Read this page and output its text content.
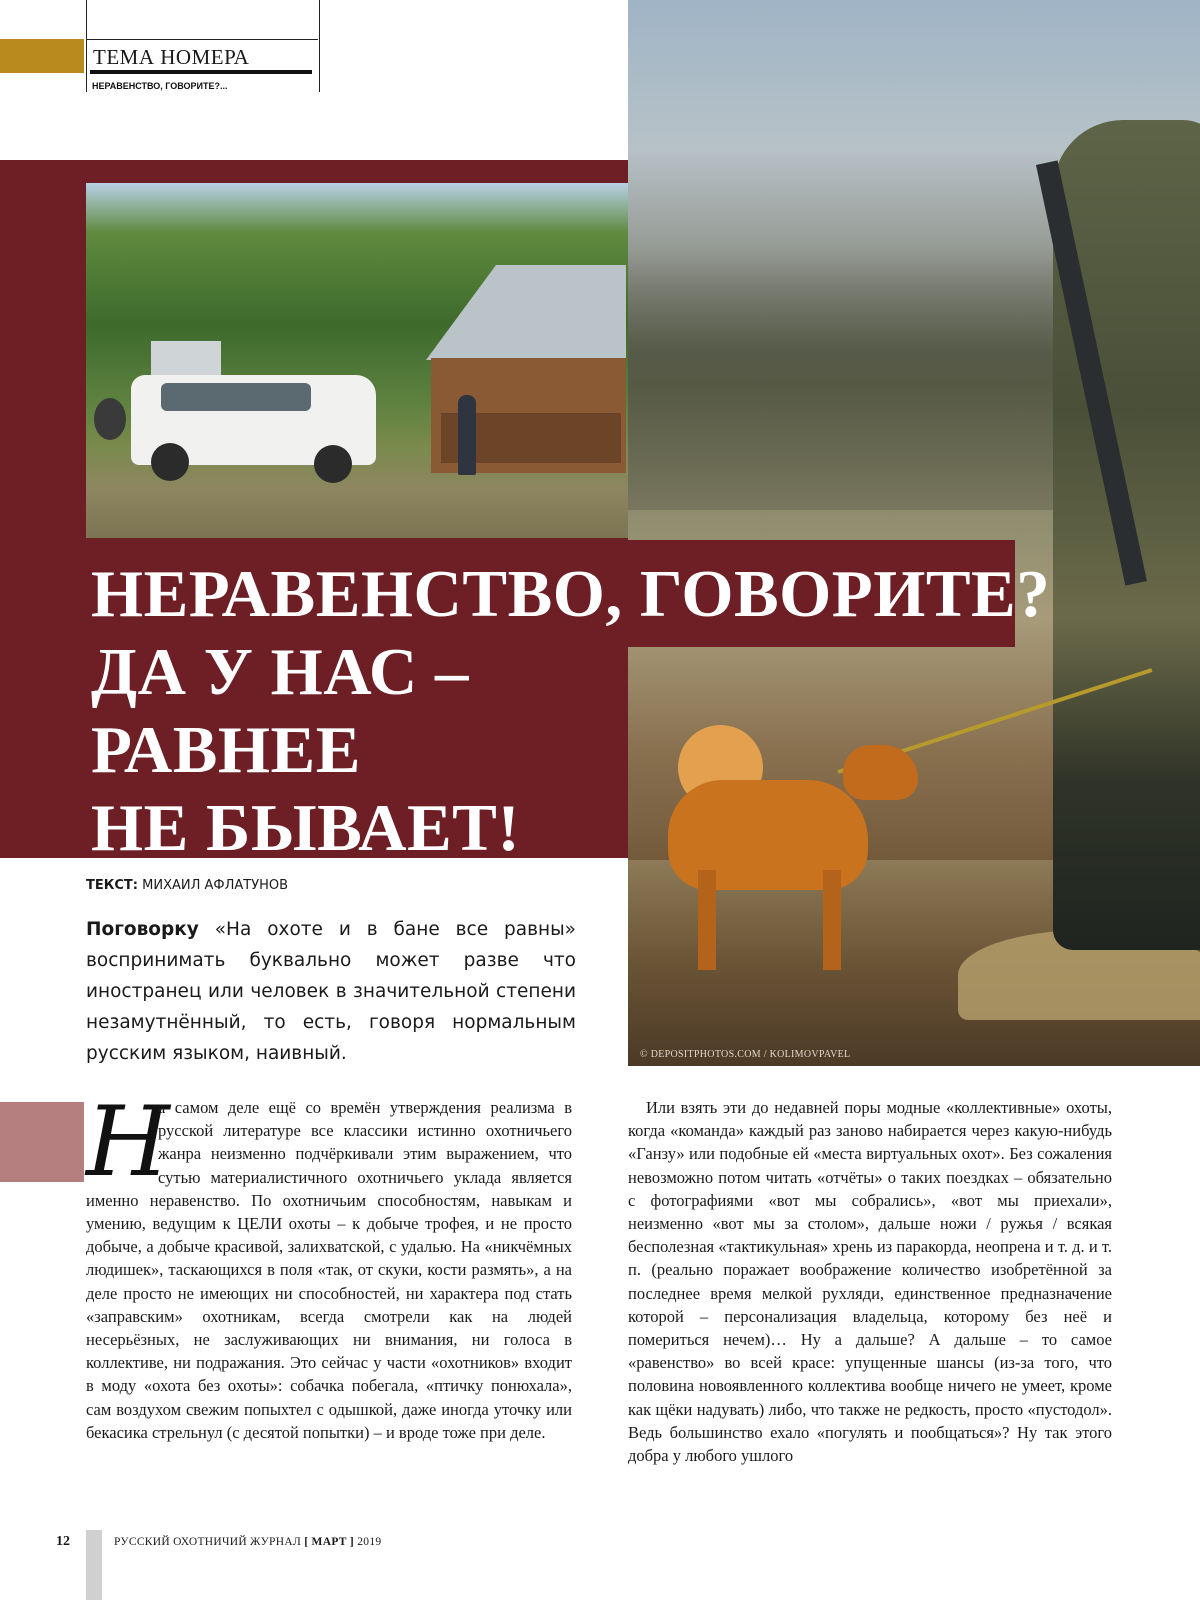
ТЕМА НОМЕРА
НЕРАВЕНСТВО, ГОВОРИТЕ?...
© DEPOSITPHOTOS.COM / KOLIMOVPAVEL
НЕРАВЕНСТВО, ГОВОРИТЕ?
ДА У НАС –
РАВНЕЕ
НЕ БЫВАЕТ!
ТЕКСТ: МИХАИЛ АФЛАТУНОВ
Поговорку «На охоте и в бане все равны» воспринимать буквально может разве что иностранец или человек в значительной степени незамутнённый, то есть, говоря нормальным русским языком, наивный.
Н

а самом деле ещё со времён утверждения реализма в русской литературе все классики истинно охотничьего жанра неизменно подчёркивали этим выражением, что сутью материалистичного охотничьего уклада является именно неравенство. По охотничьим способностям, навыкам и умению, ведущим к ЦЕЛИ охоты – к добыче трофея, и не просто добыче, а добыче красивой, залихватской, с удалью. На «никчёмных людишек», таскающихся в поля «так, от скуки, кости размять», а на деле просто не имеющих ни способностей, ни характера под стать «заправским» охотникам, всегда смотрели как на людей несерьёзных, не заслуживающих ни внимания, ни голоса в коллективе, ни подражания. Это сейчас у части «охотников» входит в моду «охота без охоты»: собачка побегала, «птичку понюхала», сам воздухом свежим попыхтел с одышкой, даже иногда уточку или бекасика стрельнул (с десятой попытки) – и вроде тоже при деле.

Или взять эти до недавней поры модные «коллективные» охоты, когда «команда» каждый раз заново набирается через какую-нибудь «Ганзу» или подобные ей «места виртуальных охот». Без сожаления невозможно потом читать «отчёты» о таких поездках – обязательно с фотографиями «вот мы собрались», «вот мы приехали», неизменно «вот мы за столом», дальше ножи / ружья / всякая бесполезная «тактикульная» хрень из паракорда, неопрена и т. д. и т. п. (реально поражает воображение количество изобретённой за последнее время мелкой рухляди, единственное предназначение которой – персонализация владельца, которому без неё и помериться нечем)… Ну а дальше? А дальше – то самое «равенство» во всей красе: упущенные шансы (из-за того, что половина новоявленного коллектива вообще ничего не умеет, кроме как щёки надувать) либо, что также не редкость, просто «пустодол». Ведь большинство ехало «погулять и пообщаться»? Ну так этого добра у любого ушлого

12	РУССКИЙ ОХОТНИЧИЙ ЖУРНАЛ [ МАРТ ] 2019
